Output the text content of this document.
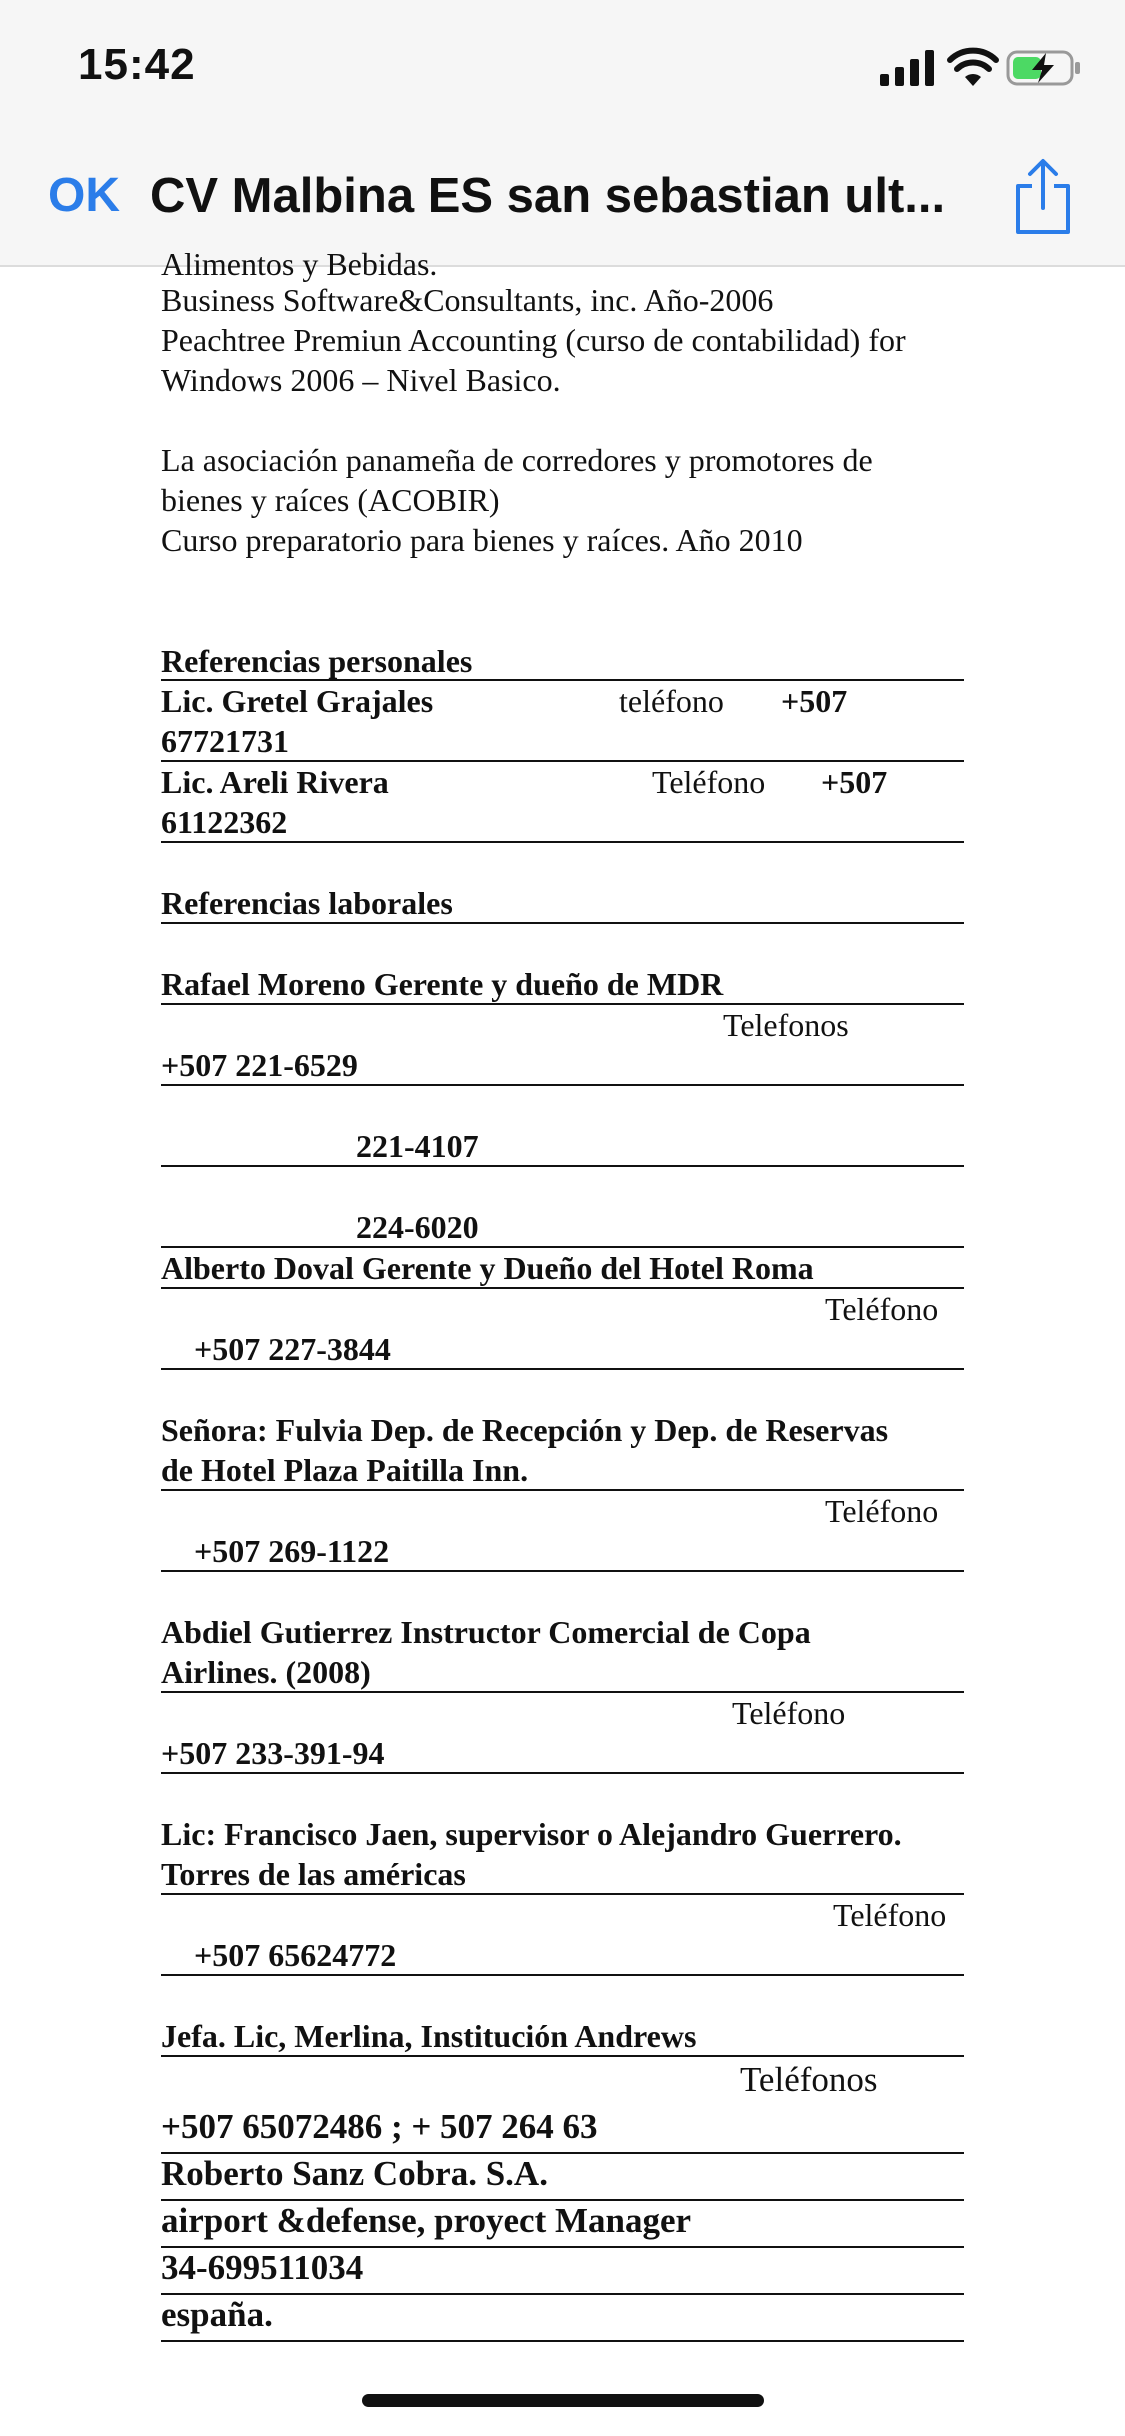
15:42
OK CV Malbina ES san sebastian ult...
Alimentos y Bebidas.
Business Software&Consultants, inc. Año-2006
Peachtree Premiun Accounting (curso de contabilidad) for
Windows 2006 – Nivel Basico.
La asociación panameña de corredores y promotores de
bienes y raíces (ACOBIR)
Curso preparatorio para bienes y raíces. Año 2010
Referencias personales
Lic. Gretel Grajales	teléfono +507
67721731
Lic. Areli Rivera	Teléfono +507
61122362
Referencias laborales
Rafael Moreno Gerente y dueño de MDR
Telefonos
+507 221-6529
221-4107
224-6020
Alberto Doval Gerente y Dueño del Hotel Roma
Teléfono
+507 227-3844
Señora: Fulvia Dep. de Recepción y Dep. de Reservas
de Hotel Plaza Paitilla Inn.
Teléfono
+507 269-1122
Abdiel Gutierrez Instructor Comercial de Copa
Airlines. (2008)
Teléfono
+507 233-391-94
Lic: Francisco Jaen, supervisor o Alejandro Guerrero.
Torres de las américas
Teléfono
+507 65624772
Jefa. Lic, Merlina, Institución Andrews
Teléfonos
+507 65072486 ; + 507 264 63
Roberto Sanz Cobra. S.A.
airport &defense, proyect Manager
34-699511034
españa.
